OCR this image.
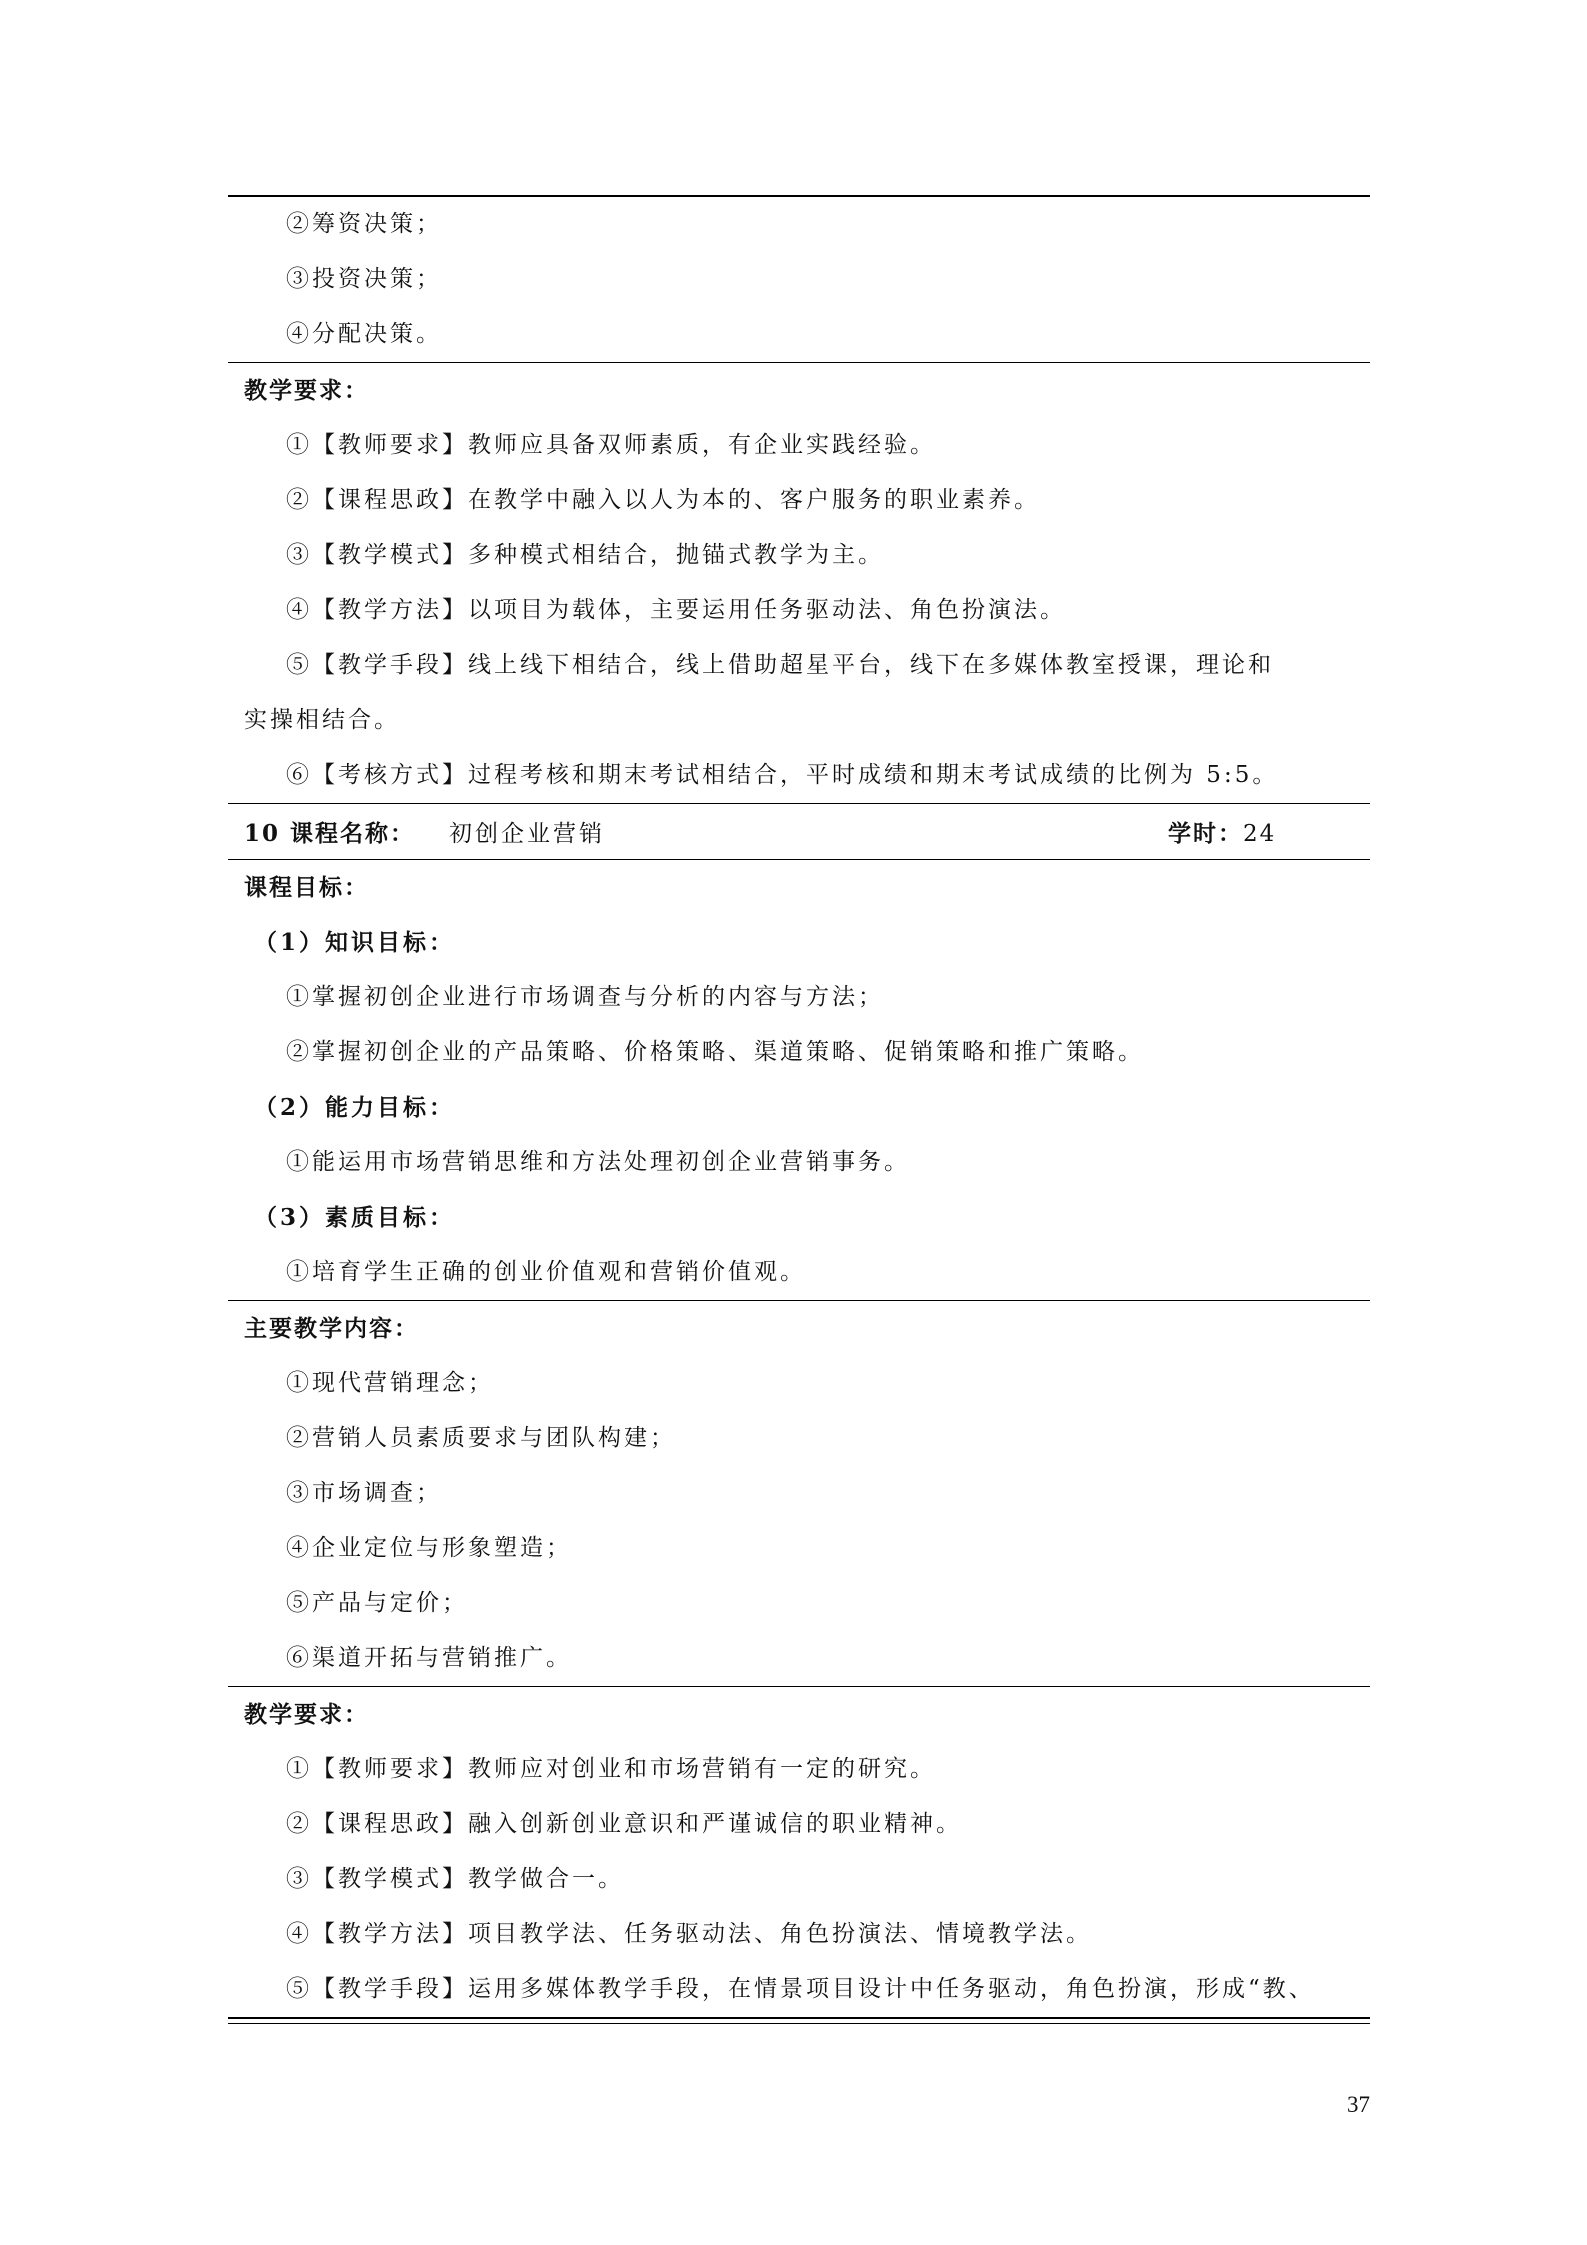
②筹资决策；
③投资决策；
④分配决策。
教学要求：
①【教师要求】教师应具备双师素质，有企业实践经验。
②【课程思政】在教学中融入以人为本的、客户服务的职业素养。
③【教学模式】多种模式相结合，抛锚式教学为主。
④【教学方法】以项目为载体，主要运用任务驱动法、角色扮演法。
⑤【教学手段】线上线下相结合，线上借助超星平台，线下在多媒体教室授课，理论和
实操相结合。
⑥【考核方式】过程考核和期末考试相结合，平时成绩和期末考试成绩的比例为 5:5。
10 课程名称： 初创企业营销	学时：24
课程目标：
（1）知识目标：
①掌握初创企业进行市场调查与分析的内容与方法；
②掌握初创企业的产品策略、价格策略、渠道策略、促销策略和推广策略。
（2）能力目标：
①能运用市场营销思维和方法处理初创企业营销事务。
（3）素质目标：
①培育学生正确的创业价值观和营销价值观。
主要教学内容：
①现代营销理念；
②营销人员素质要求与团队构建；
③市场调查；
④企业定位与形象塑造；
⑤产品与定价；
⑥渠道开拓与营销推广。
教学要求：
①【教师要求】教师应对创业和市场营销有一定的研究。
②【课程思政】融入创新创业意识和严谨诚信的职业精神。
③【教学模式】教学做合一。
④【教学方法】项目教学法、任务驱动法、角色扮演法、情境教学法。
⑤【教学手段】运用多媒体教学手段，在情景项目设计中任务驱动，角色扮演，形成“教、
37
